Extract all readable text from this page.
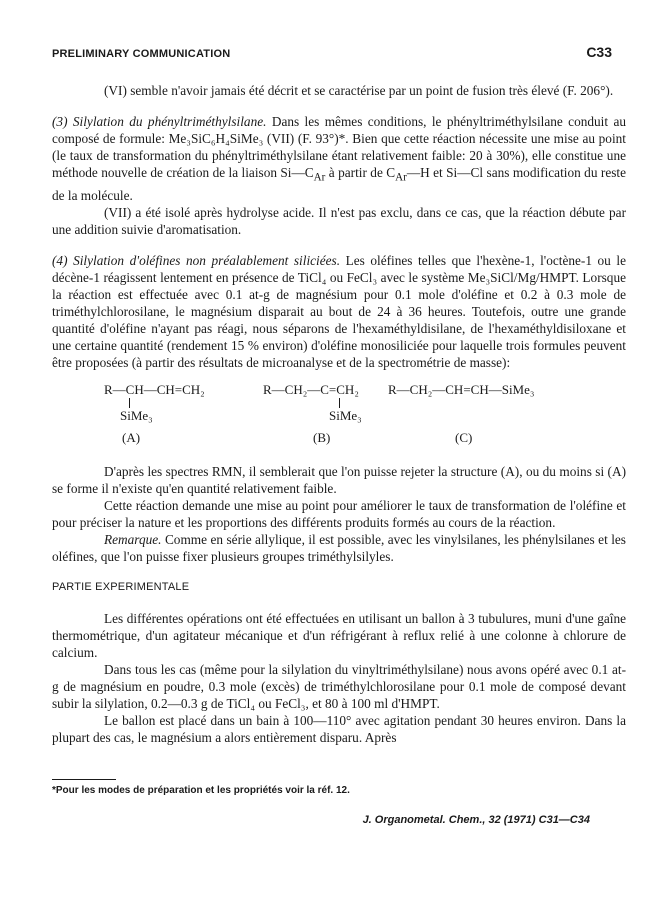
PRELIMINARY COMMUNICATION	C33

(VI) semble n'avoir jamais été décrit et se caractérise par un point de fusion très élevé (F. 206°).

(3) Silylation du phényltriméthylsilane. Dans les mêmes conditions, le phényltriméthylsilane conduit au composé de formule: Me₃SiC₆H₄SiMe₃ (VII) (F. 93°)*. Bien que cette réaction nécessite une mise au point (le taux de transformation du phényltriméthylsilane étant relativement faible: 20 à 30%), elle constitue une méthode nouvelle de création de la liaison $Si—C_{Ar}$ à partir de $C_{Ar}—H$ et Si—Cl sans modification du reste de la molécule.

(VII) a été isolé après hydrolyse acide. Il n'est pas exclu, dans ce cas, que la réaction débute par une addition suivie d'aromatisation.

(4) Silylation d'oléfines non préalablement siliciées. Les oléfines telles que l'hexène-1, l'octène-1 ou le décène-1 réagissent lentement en présence de TiCl₄ ou FeCl₃ avec le système Me₃SiCl/Mg/HMPT. Lorsque la réaction est effectuée avec 0.1 at-g de magnésium pour 0.1 mole d'oléfine et 0.2 à 0.3 mole de triméthylchlorosilane, le magnésium disparait au bout de 24 à 36 heures. Toutefois, outre une grande quantité d'oléfine n'ayant pas réagi, nous séparons de l'hexaméthyldisilane, de l'hexaméthyldisiloxane et une certaine quantité (rendement 15 % environ) d'oléfine monosiliciée pour laquelle trois formules peuvent être proposées (à partir des résultats de microanalyse et de la spectrométrie de masse):

R—CH—CH=CH₂
SiMe₃
(A)
R—CH₂—C=CH₂
SiMe₃
(B)
R—CH₂—CH=CH—SiMe₃
(C)

D'après les spectres RMN, il semblerait que l'on puisse rejeter la structure (A), ou du moins si (A) se forme il n'existe qu'en quantité relativement faible.

Cette réaction demande une mise au point pour améliorer le taux de transformation de l'oléfine et pour préciser la nature et les proportions des différents produits formés au cours de la réaction.

Remarque. Comme en série allylique, il est possible, avec les vinylsilanes, les phénylsilanes et les oléfines, que l'on puisse fixer plusieurs groupes triméthylsilyles.

PARTIE EXPERIMENTALE

Les différentes opérations ont été effectuées en utilisant un ballon à 3 tubulures, muni d'une gaîne thermométrique, d'un agitateur mécanique et d'un réfrigérant à reflux relié à une colonne à chlorure de calcium.

Dans tous les cas (même pour la silylation du vinyltriméthylsilane) nous avons opéré avec 0.1 at-g de magnésium en poudre, 0.3 mole (excès) de triméthylchlorosilane pour 0.1 mole de composé devant subir la silylation, 0.2—0.3 g de TiCl₄ ou FeCl₃, et 80 à 100 ml d'HMPT.

Le ballon est placé dans un bain à 100—110° avec agitation pendant 30 heures environ. Dans la plupart des cas, le magnésium a alors entièrement disparu. Après

*Pour les modes de préparation et les propriétés voir la réf. 12.
J. Organometal. Chem., 32 (1971) C31—C34
